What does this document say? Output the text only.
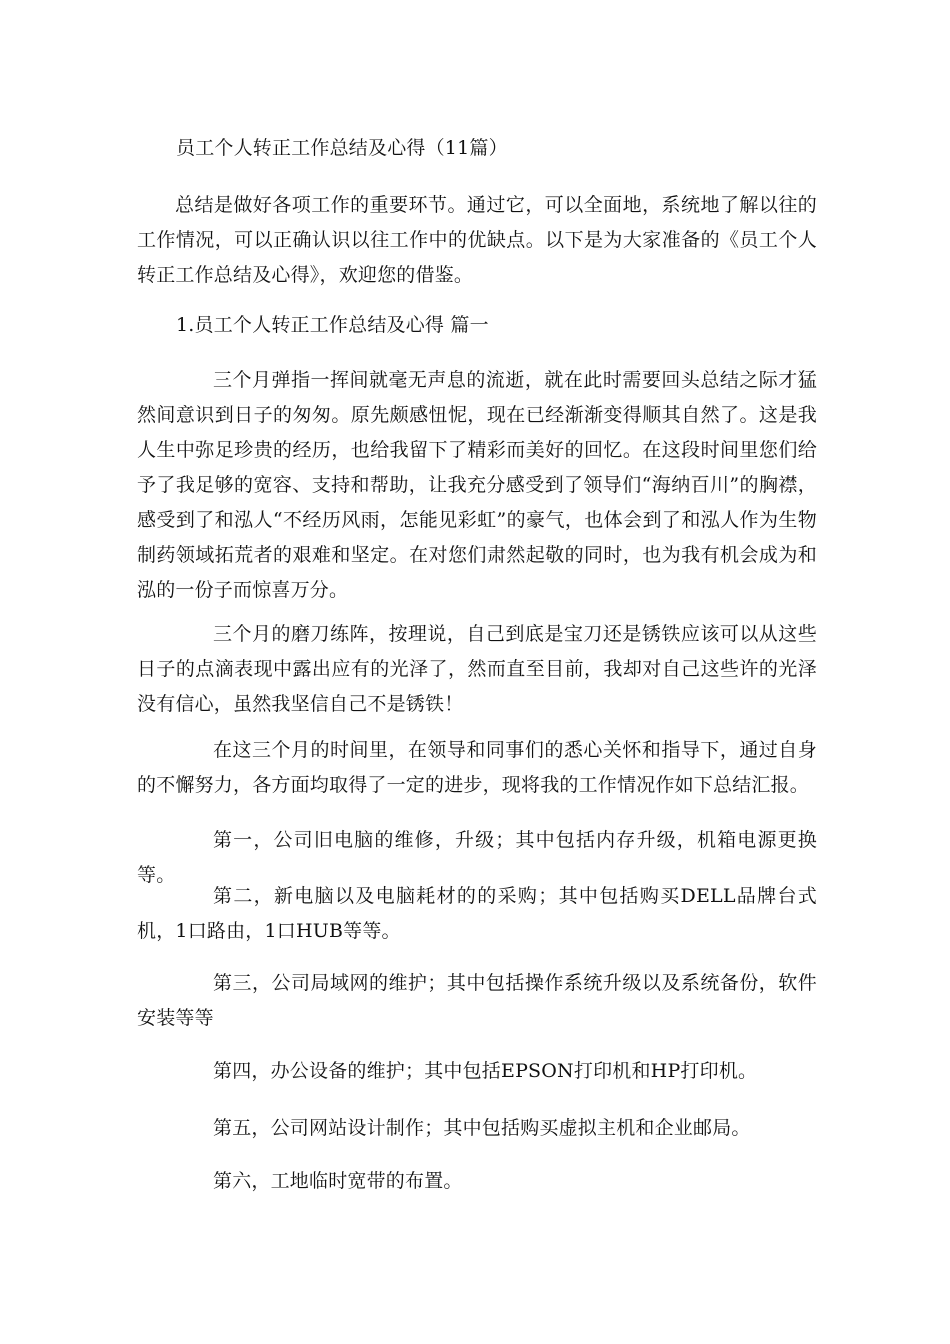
员工个人转正工作总结及心得（11篇）

总结是做好各项工作的重要环节。通过它，可以全面地，系统地了解以往的工作情况，可以正确认识以往工作中的优缺点。以下是为大家准备的《员工个人转正工作总结及心得》，欢迎您的借鉴。

1.员工个人转正工作总结及心得 篇一

三个月弹指一挥间就毫无声息的流逝，就在此时需要回头总结之际才猛然间意识到日子的匆匆。原先颇感忸怩，现在已经渐渐变得顺其自然了。这是我人生中弥足珍贵的经历，也给我留下了精彩而美好的回忆。在这段时间里您们给予了我足够的宽容、支持和帮助，让我充分感受到了领导们“海纳百川”的胸襟，感受到了和泓人“不经历风雨，怎能见彩虹”的豪气，也体会到了和泓人作为生物制药领域拓荒者的艰难和坚定。在对您们肃然起敬的同时，也为我有机会成为和泓的一份子而惊喜万分。

三个月的磨刀练阵，按理说，自己到底是宝刀还是锈铁应该可以从这些日子的点滴表现中露出应有的光泽了，然而直至目前，我却对自己这些许的光泽没有信心，虽然我坚信自己不是锈铁！

在这三个月的时间里，在领导和同事们的悉心关怀和指导下，通过自身的不懈努力，各方面均取得了一定的进步，现将我的工作情况作如下总结汇报。

第一，公司旧电脑的维修，升级；其中包括内存升级，机箱电源更换等。

第二，新电脑以及电脑耗材的的采购；其中包括购买DELL品牌台式机，1口路由，1口HUB等等。

第三，公司局域网的维护；其中包括操作系统升级以及系统备份，软件安装等等

第四，办公设备的维护；其中包括EPSON打印机和HP打印机。

第五，公司网站设计制作；其中包括购买虚拟主机和企业邮局。

第六，工地临时宽带的布置。
